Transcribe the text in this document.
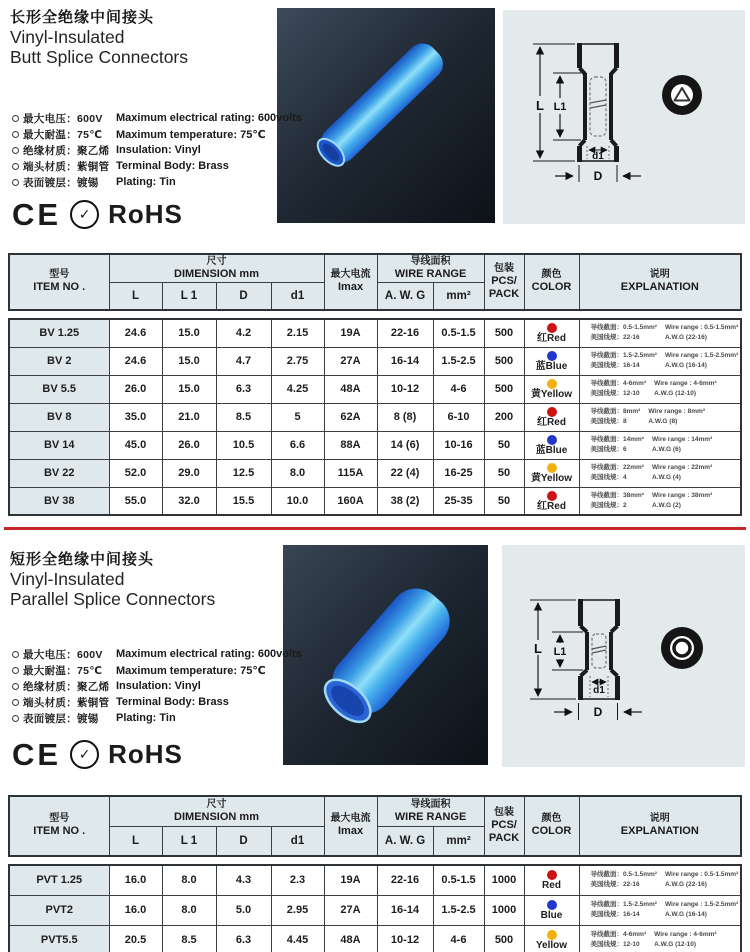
长形全绝缘中间接头
Vinyl-Insulated
Butt Splice Connectors
L L1
d1
D
最大电压：600V	Maximum electrical rating: 600volts
最大耐温：75℃	Maximum temperature: 75℃
绝缘材质：聚乙烯 Insulation: Vinyl
端头材质：紫铜管 Terminal Body: Brass
表面镀层：镀锡	Plating: Tin
CE	✓ RoHS
型号
ITEM NO .

尺寸
DIMENSION mm	最大电流
Imax

导线面积
WIRE RANGE	包装
PCS/
PACK

颜色
COLOR

说明
EXPLANATION

	L	L 1	D	d1		A. W. G	mm²			
BV 1.25	24.6	15.0	4.2	2.15	19A	22-16	0.5-1.5	500	红Red	导线截面：0.5-1.5mm²
美国线规：22-16
Wire range : 0.5-1.5mm²
A.W.G (22-16)

BV 2	24.6	15.0	4.7	2.75	27A	16-14	1.5-2.5	500	蓝Blue	导线截面：1.5-2.5mm²
美国线规：16-14
Wire range : 1.5-2.5mm²
A.W.G (16-14)

BV 5.5	26.0	15.0	6.3	4.25	48A	10-12	4-6	500	黄Yellow	导线截面：4-6mm²
美国线规：12-10
Wire range : 4-6mm²
A.W.G (12-10)

BV 8	35.0	21.0	8.5	5	62A	8 (8)	6-10	200	红Red	导线截面：8mm²
美国线规：8
Wire range : 8mm²
A.W.G (8)

BV 14	45.0	26.0	10.5	6.6	88A	14 (6)	10-16	50	蓝Blue	导线截面：14mm²
美国线规：6
Wire range : 14mm²
A.W.G (6)

BV 22	52.0	29.0	12.5	8.0	115A	22 (4)	16-25	50	黄Yellow	导线截面：22mm²
美国线规：4
Wire range : 22mm²
A.W.G (4)

BV 38	55.0	32.0	15.5	10.0	160A	38 (2)	25-35	50	红Red	导线截面：38mm²
美国线规：2
Wire range : 38mm²
A.W.G (2)
短形全绝缘中间接头
Vinyl-Insulated
Parallel Splice Connectors
L L1
d1
D
最大电压：600V	Maximum electrical rating: 600volts
最大耐温：75℃	Maximum temperature: 75℃
绝缘材质：聚乙烯 Insulation: Vinyl
端头材质：紫铜管 Terminal Body: Brass
表面镀层：镀锡	Plating: Tin
CE	✓ RoHS
型号
ITEM NO .

尺寸
DIMENSION mm	最大电流
Imax

导线面积
WIRE RANGE	包装
PCS/
PACK

颜色
COLOR

说明
EXPLANATION

	L	L 1	D	d1		A. W. G	mm²			
PVT 1.25	16.0	8.0	4.3	2.3	19A	22-16	0.5-1.5	1000	Red	导线截面：0.5-1.5mm²
美国线规：22-16
Wire range : 0.5-1.5mm²
A.W.G (22-16)

PVT2	16.0	8.0	5.0	2.95	27A	16-14	1.5-2.5	1000	Blue	导线截面：1.5-2.5mm²
美国线规：16-14
Wire range : 1.5-2.5mm²
A.W.G (16-14)

PVT5.5	20.5	8.5	6.3	4.45	48A	10-12	4-6	500	Yellow	导线截面：4-6mm²
美国线规：12-10
Wire range : 4-6mm²
A.W.G (12-10)
